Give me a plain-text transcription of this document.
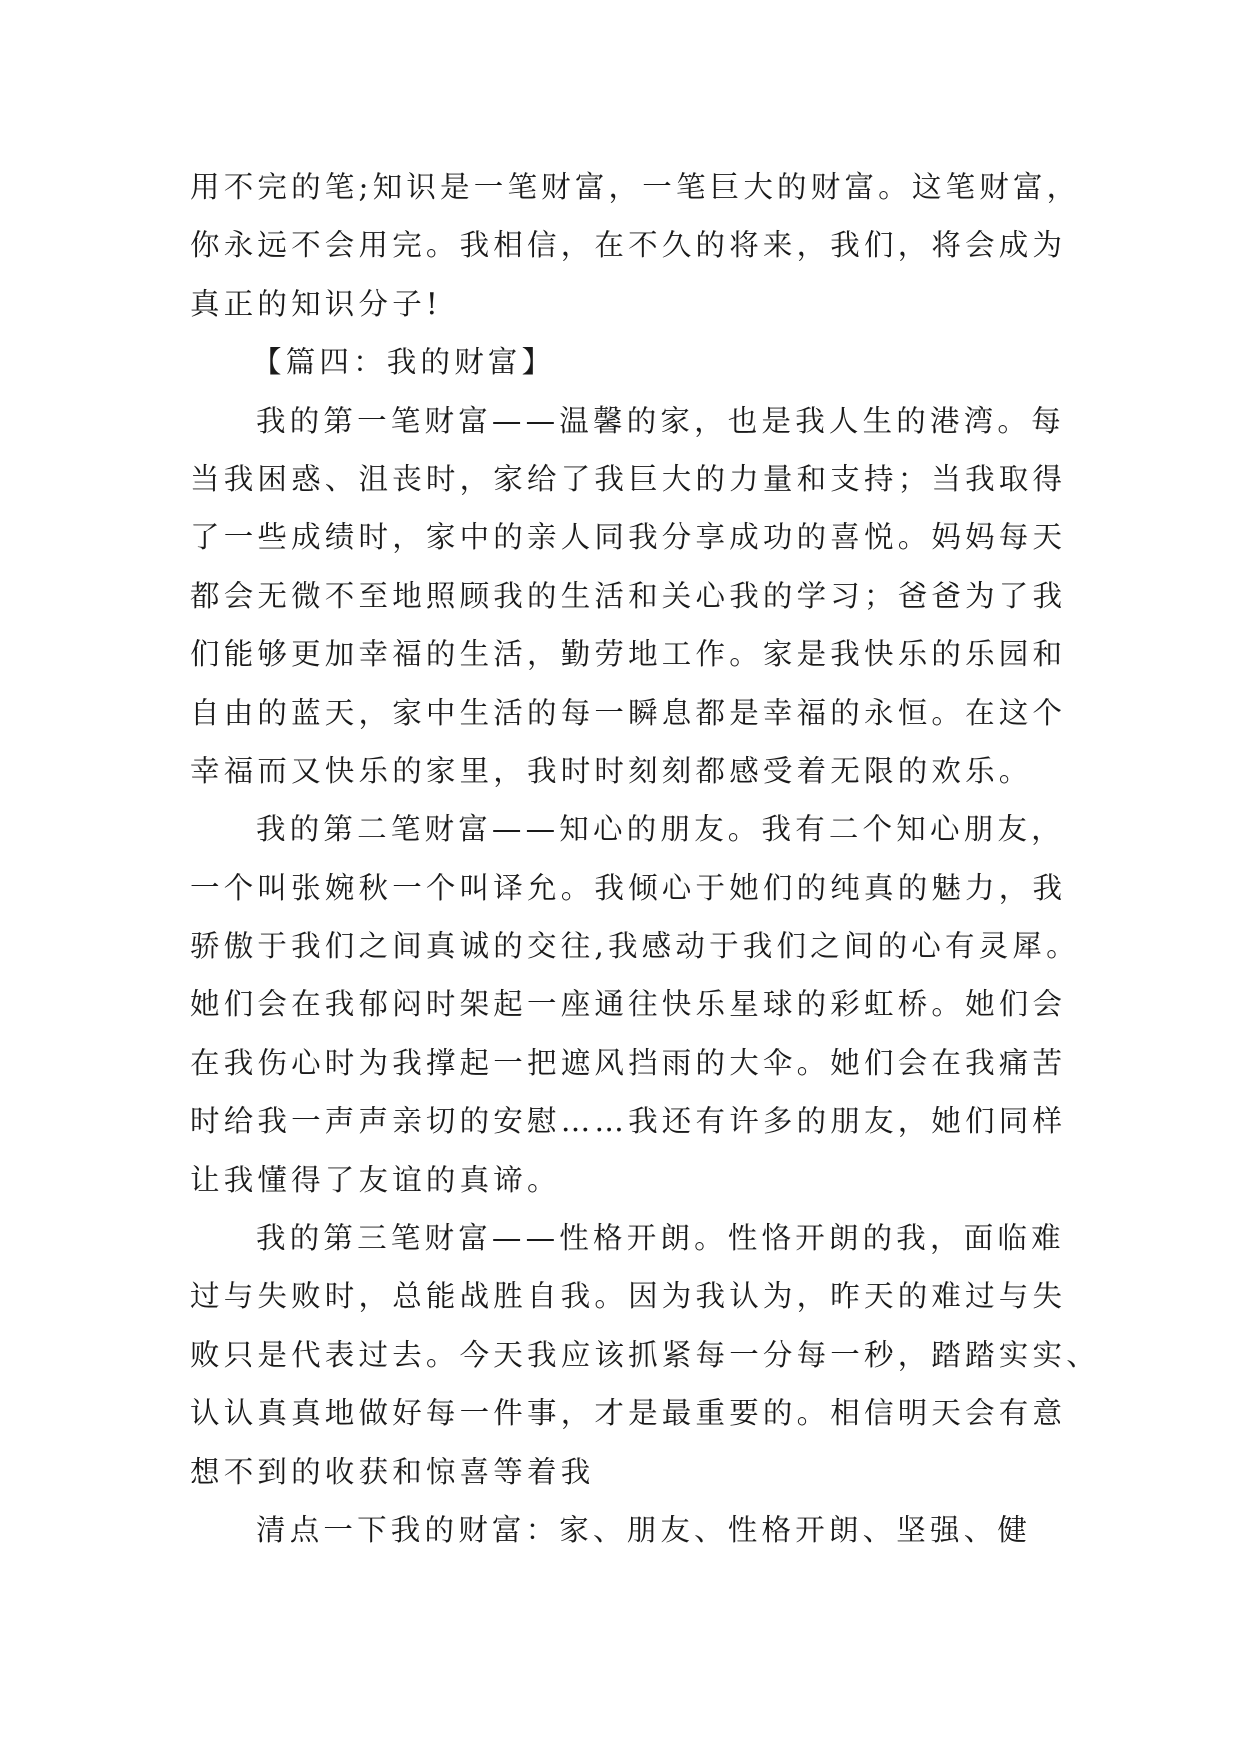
用不完的笔;知识是一笔财富，一笔巨大的财富。这笔财富，
你永远不会用完。我相信，在不久的将来，我们，将会成为
真正的知识分子!
【篇四：我的财富】
我的第一笔财富——温馨的家，也是我人生的港湾。每
当我困惑、沮丧时，家给了我巨大的力量和支持；当我取得
了一些成绩时，家中的亲人同我分享成功的喜悦。妈妈每天
都会无微不至地照顾我的生活和关心我的学习；爸爸为了我
们能够更加幸福的生活，勤劳地工作。家是我快乐的乐园和
自由的蓝天，家中生活的每一瞬息都是幸福的永恒。在这个
幸福而又快乐的家里，我时时刻刻都感受着无限的欢乐。
我的第二笔财富——知心的朋友。我有二个知心朋友，
一个叫张婉秋一个叫译允。我倾心于她们的纯真的魅力，我
骄傲于我们之间真诚的交往,我感动于我们之间的心有灵犀。
她们会在我郁闷时架起一座通往快乐星球的彩虹桥。她们会
在我伤心时为我撑起一把遮风挡雨的大伞。她们会在我痛苦
时给我一声声亲切的安慰……我还有许多的朋友，她们同样
让我懂得了友谊的真谛。
我的第三笔财富——性格开朗。性恪开朗的我，面临难
过与失败时，总能战胜自我。因为我认为，昨天的难过与失
败只是代表过去。今天我应该抓紧每一分每一秒，踏踏实实、
认认真真地做好每一件事，才是最重要的。相信明天会有意
想不到的收获和惊喜等着我
清点一下我的财富：家、朋友、性格开朗、坚强、健
